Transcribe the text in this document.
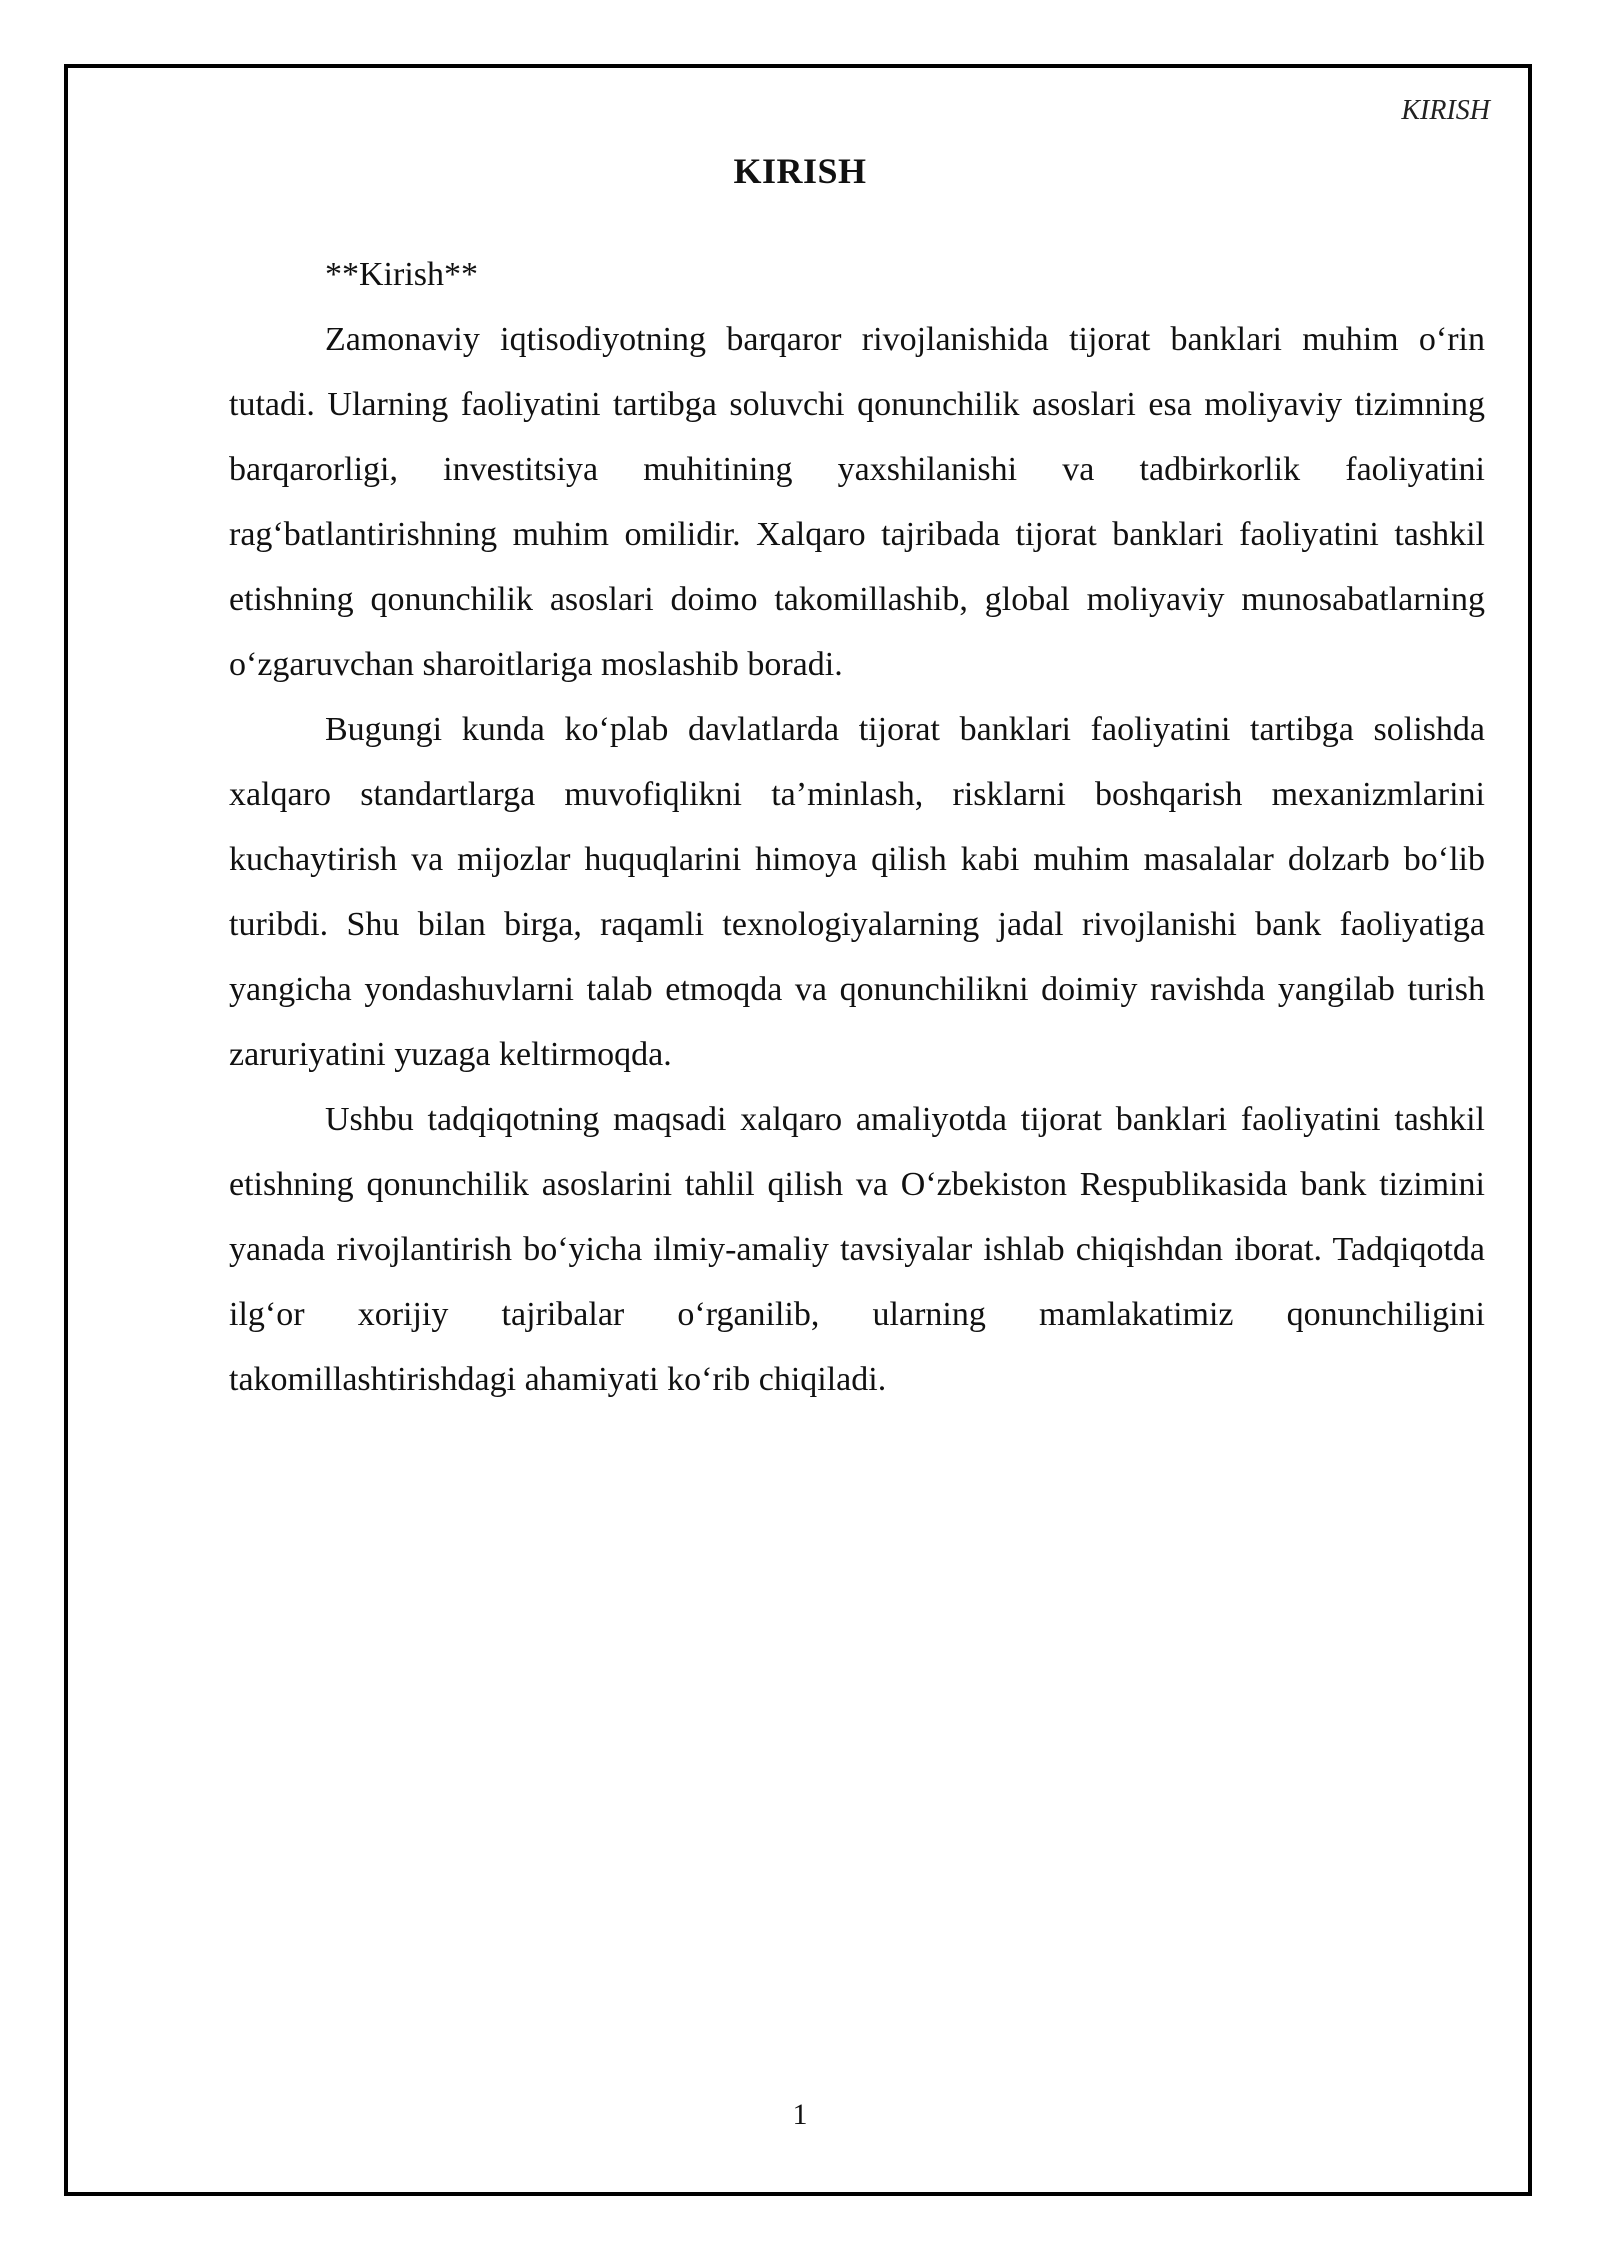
KIRISH
KIRISH

**Kirish**

Zamonaviy iqtisodiyotning barqaror rivojlanishida tijorat banklari muhim o‘rin tutadi. Ularning faoliyatini tartibga soluvchi qonunchilik asoslari esa moliyaviy tizimning barqarorligi, investitsiya muhitining yaxshilanishi va tadbirkorlik faoliyatini rag‘batlantirishning muhim omilidir. Xalqaro tajribada tijorat banklari faoliyatini tashkil etishning qonunchilik asoslari doimo takomillashib, global moliyaviy munosabatlarning o‘zgaruvchan sharoitlariga moslashib boradi.

Bugungi kunda ko‘plab davlatlarda tijorat banklari faoliyatini tartibga solishda xalqaro standartlarga muvofiqlikni ta’minlash, risklarni boshqarish mexanizmlarini kuchaytirish va mijozlar huquqlarini himoya qilish kabi muhim masalalar dolzarb bo‘lib turibdi. Shu bilan birga, raqamli texnologiyalarning jadal rivojlanishi bank faoliyatiga yangicha yondashuvlarni talab etmoqda va qonunchilikni doimiy ravishda yangilab turish zaruriyatini yuzaga keltirmoqda.

Ushbu tadqiqotning maqsadi xalqaro amaliyotda tijorat banklari faoliyatini tashkil etishning qonunchilik asoslarini tahlil qilish va O‘zbekiston Respublikasida bank tizimini yanada rivojlantirish bo‘yicha ilmiy-amaliy tavsiyalar ishlab chiqishdan iborat. Tadqiqotda ilg‘or xorijiy tajribalar o‘rganilib, ularning mamlakatimiz qonunchiligini takomillashtirishdagi ahamiyati ko‘rib chiqiladi.

1
